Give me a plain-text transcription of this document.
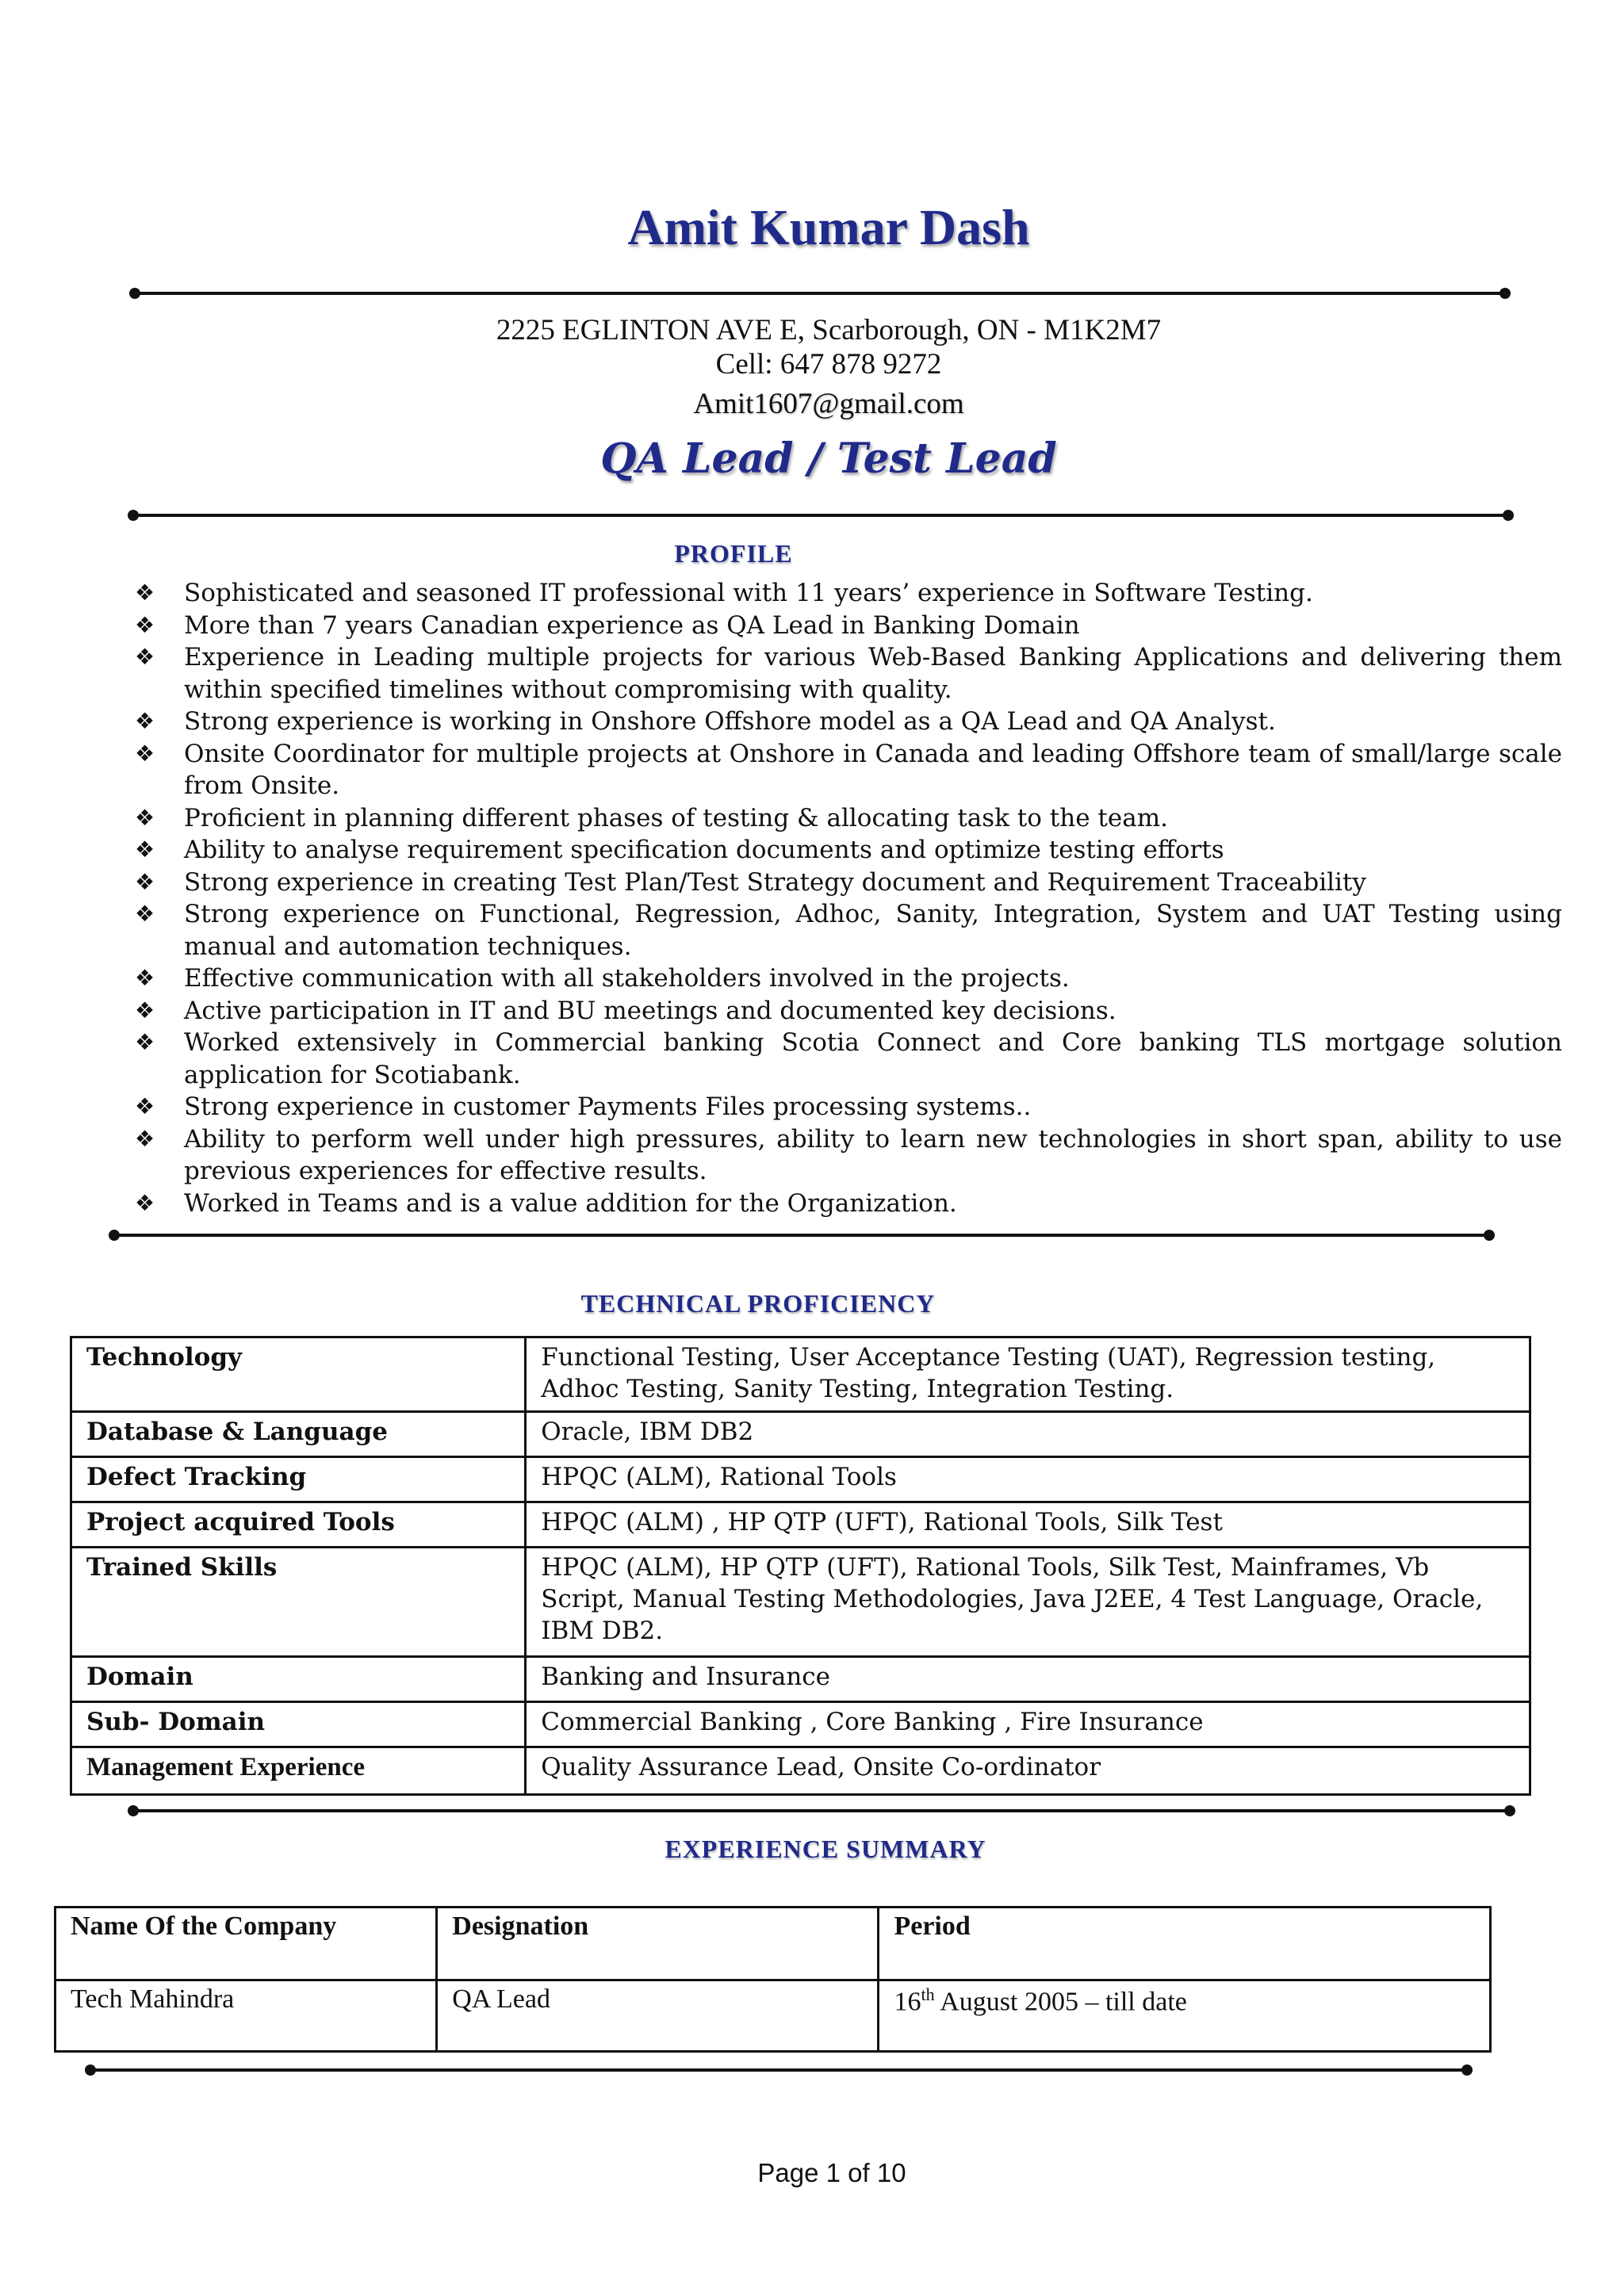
Amit Kumar Dash
2225 EGLINTON AVE E, Scarborough, ON - M1K2M7
Cell: 647 878 9272
Amit1607@gmail.com
QA Lead / Test Lead
PROFILE
❖ Sophisticated and seasoned IT professional with 11 years’ experience in Software Testing.
❖ More than 7 years Canadian experience as QA Lead in Banking Domain
❖ Experience in Leading multiple projects for various Web-Based Banking Applications and delivering them within specified timelines without compromising with quality.
❖ Strong experience is working in Onshore Offshore model as a QA Lead and QA Analyst.
❖ Onsite Coordinator for multiple projects at Onshore in Canada and leading Offshore team of small/large scale from Onsite.
❖ Proficient in planning different phases of testing & allocating task to the team.
❖ Ability to analyse requirement specification documents and optimize testing efforts
❖ Strong experience in creating Test Plan/Test Strategy document and Requirement Traceability
❖ Strong experience on Functional, Regression, Adhoc, Sanity, Integration, System and UAT Testing using manual and automation techniques.
❖ Effective communication with all stakeholders involved in the projects.
❖ Active participation in IT and BU meetings and documented key decisions.
❖ Worked extensively in Commercial banking Scotia Connect and Core banking TLS mortgage solution application for Scotiabank.
❖ Strong experience in customer Payments Files processing systems..
❖ Ability to perform well under high pressures, ability to learn new technologies in short span, ability to use previous experiences for effective results.
❖ Worked in Teams and is a value addition for the Organization.
TECHNICAL PROFICIENCY
Technology	Functional Testing, User Acceptance Testing (UAT), Regression testing, Adhoc Testing, Sanity Testing, Integration Testing.
Database & Language	Oracle, IBM DB2
Defect Tracking	HPQC (ALM), Rational Tools
Project acquired Tools	HPQC (ALM) , HP QTP (UFT), Rational Tools, Silk Test
Trained Skills	HPQC (ALM), HP QTP (UFT), Rational Tools, Silk Test, Mainframes, Vb Script, Manual Testing Methodologies, Java J2EE, 4 Test Language, Oracle, IBM DB2.
Domain	Banking and Insurance
Sub- Domain	Commercial Banking , Core Banking , Fire Insurance
Management Experience	Quality Assurance Lead, Onsite Co-ordinator
EXPERIENCE SUMMARY
Name Of the Company	Designation	Period
Tech Mahindra	QA Lead	16th August 2005 – till date
Page 1 of 10
